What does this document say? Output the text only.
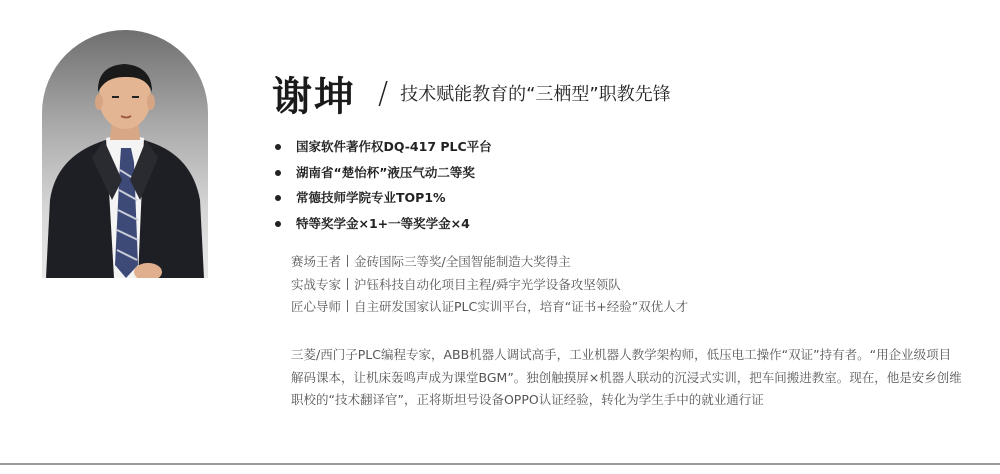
谢坤 / 技术赋能教育的“三栖型”职教先锋
国家软件著作权DQ-417 PLC平台
湖南省“楚怡杯”液压气动二等奖
常德技师学院专业TOP1%
特等奖学金×1+一等奖学金×4
赛场王者 金砖国际三等奖/全国智能制造大奖得主
实战专家 沪钰科技自动化项目主程/舜宇光学设备攻坚领队
匠心导师 自主研发国家认证PLC实训平台，培育“证书+经验”双优人才

三菱/西门子PLC编程专家，ABB机器人调试高手，工业机器人教学架构师，低压电工操作“双证”持有者。“用企业级项目

解码课本，让机床轰鸣声成为课堂BGM”。独创触摸屏×机器人联动的沉浸式实训，把车间搬进教室。现在，他是安乡创维

职校的“技术翻译官”，正将斯坦号设备OPPO认证经验，转化为学生手中的就业通行证
